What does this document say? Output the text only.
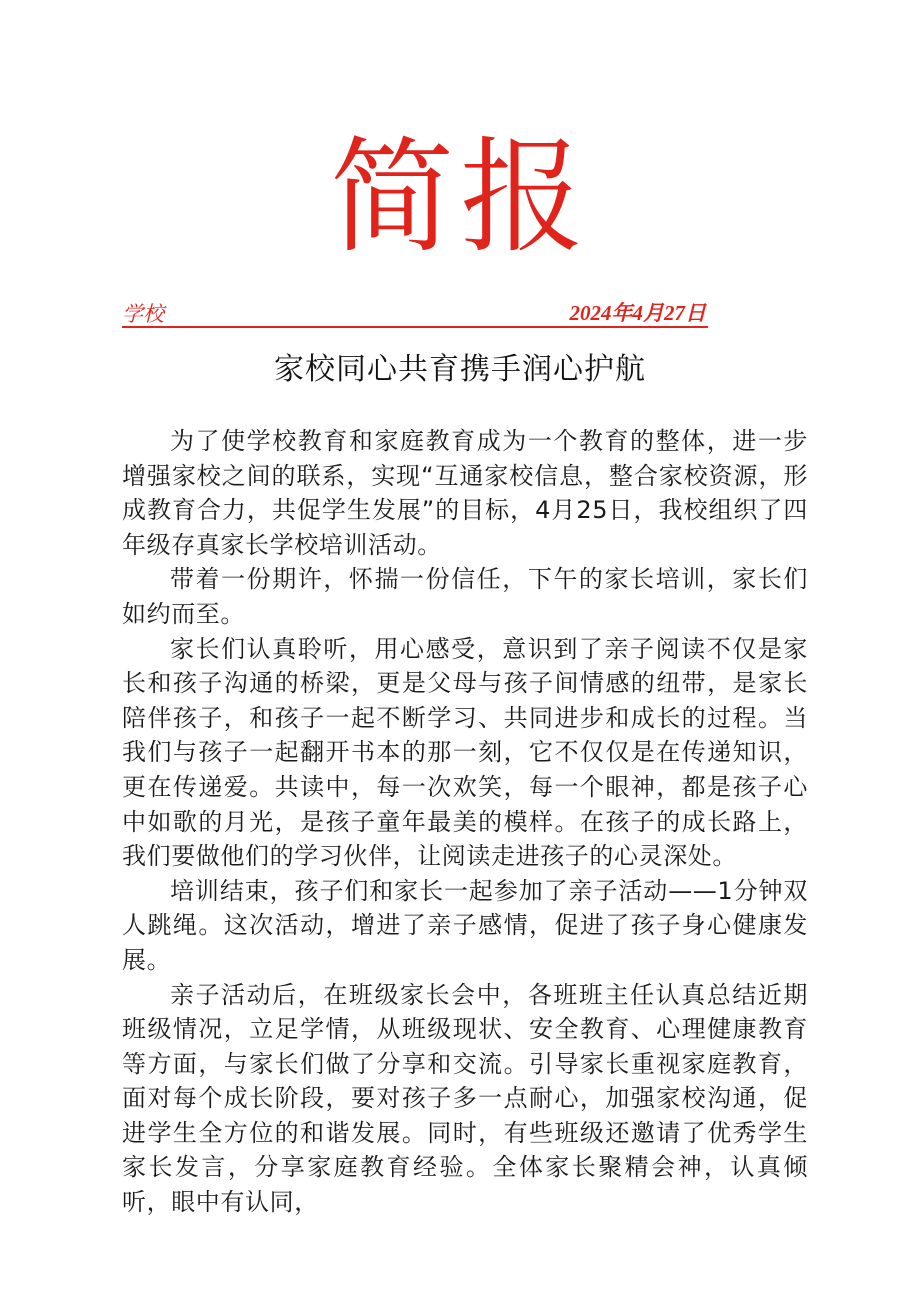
简报
学校	2024年4月27日
家校同心共育携手润心护航

为了使学校教育和家庭教育成为一个教育的整体，进一步增强家校之间的联系，实现“互通家校信息，整合家校资源，形成教育合力，共促学生发展”的目标，4月25日，我校组织了四年级存真家长学校培训活动。

带着一份期许，怀揣一份信任，下午的家长培训，家长们如约而至。

家长们认真聆听，用心感受，意识到了亲子阅读不仅是家长和孩子沟通的桥梁，更是父母与孩子间情感的纽带，是家长陪伴孩子，和孩子一起不断学习、共同进步和成长的过程。当我们与孩子一起翻开书本的那一刻，它不仅仅是在传递知识，更在传递爱。共读中，每一次欢笑，每一个眼神，都是孩子心中如歌的月光，是孩子童年最美的模样。在孩子的成长路上，我们要做他们的学习伙伴，让阅读走进孩子的心灵深处。

培训结束，孩子们和家长一起参加了亲子活动——1分钟双人跳绳。这次活动，增进了亲子感情，促进了孩子身心健康发展。

亲子活动后，在班级家长会中，各班班主任认真总结近期班级情况，立足学情，从班级现状、安全教育、心理健康教育等方面，与家长们做了分享和交流。引导家长重视家庭教育，面对每个成长阶段，要对孩子多一点耐心，加强家校沟通，促进学生全方位的和谐发展。同时，有些班级还邀请了优秀学生家长发言，分享家庭教育经验。全体家长聚精会神，认真倾听，眼中有认同，
